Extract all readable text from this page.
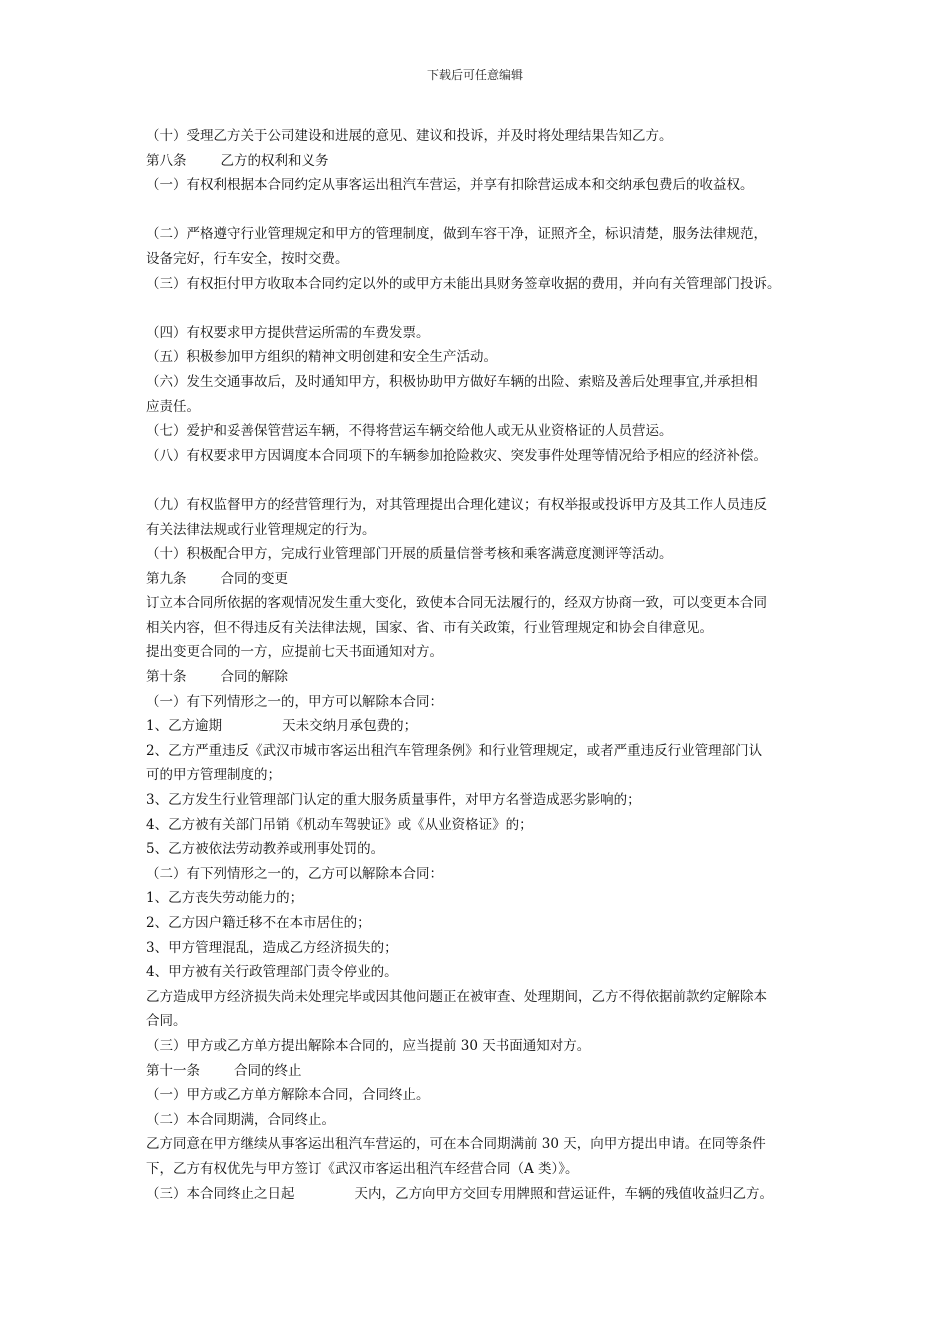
下载后可任意编辑
（十）受理乙方关于公司建设和进展的意见、建议和投诉，并及时将处理结果告知乙方。
第八条	乙方的权利和义务
（一）有权利根据本合同约定从事客运出租汽车营运，并享有扣除营运成本和交纳承包费后的收益权。
（二）严格遵守行业管理规定和甲方的管理制度，做到车容干净，证照齐全，标识清楚，服务法律规范，
设备完好，行车安全，按时交费。
（三）有权拒付甲方收取本合同约定以外的或甲方未能出具财务签章收据的费用，并向有关管理部门投诉。
（四）有权要求甲方提供营运所需的车费发票。
（五）积极参加甲方组织的精神文明创建和安全生产活动。
（六）发生交通事故后，及时通知甲方，积极协助甲方做好车辆的出险、索赔及善后处理事宜,并承担相
应责任。
（七）爱护和妥善保管营运车辆，不得将营运车辆交给他人或无从业资格证的人员营运。
（八）有权要求甲方因调度本合同项下的车辆参加抢险救灾、突发事件处理等情况给予相应的经济补偿。
（九）有权监督甲方的经营管理行为，对其管理提出合理化建议；有权举报或投诉甲方及其工作人员违反
有关法律法规或行业管理规定的行为。
（十）积极配合甲方，完成行业管理部门开展的质量信誉考核和乘客满意度测评等活动。
第九条	合同的变更
订立本合同所依据的客观情况发生重大变化，致使本合同无法履行的，经双方协商一致，可以变更本合同
相关内容，但不得违反有关法律法规，国家、省、市有关政策，行业管理规定和协会自律意见。
提出变更合同的一方，应提前七天书面通知对方。
第十条	合同的解除
（一）有下列情形之一的，甲方可以解除本合同：
1、乙方逾期	天未交纳月承包费的；
2、乙方严重违反《武汉市城市客运出租汽车管理条例》和行业管理规定，或者严重违反行业管理部门认
可的甲方管理制度的；
3、乙方发生行业管理部门认定的重大服务质量事件，对甲方名誉造成恶劣影响的；
4、乙方被有关部门吊销《机动车驾驶证》或《从业资格证》的；
5、乙方被依法劳动教养或刑事处罚的。
（二）有下列情形之一的，乙方可以解除本合同：
1、乙方丧失劳动能力的；
2、乙方因户籍迁移不在本市居住的；
3、甲方管理混乱，造成乙方经济损失的；
4、甲方被有关行政管理部门责令停业的。
乙方造成甲方经济损失尚未处理完毕或因其他问题正在被审查、处理期间，乙方不得依据前款约定解除本
合同。
（三）甲方或乙方单方提出解除本合同的，应当提前 30 天书面通知对方。
第十一条	合同的终止
（一）甲方或乙方单方解除本合同，合同终止。
（二）本合同期满，合同终止。
乙方同意在甲方继续从事客运出租汽车营运的，可在本合同期满前 30 天，向甲方提出申请。在同等条件
下，乙方有权优先与甲方签订《武汉市客运出租汽车经营合同（A 类）》。
（三）本合同终止之日起	天内，乙方向甲方交回专用牌照和营运证件，车辆的残值收益归乙方。
